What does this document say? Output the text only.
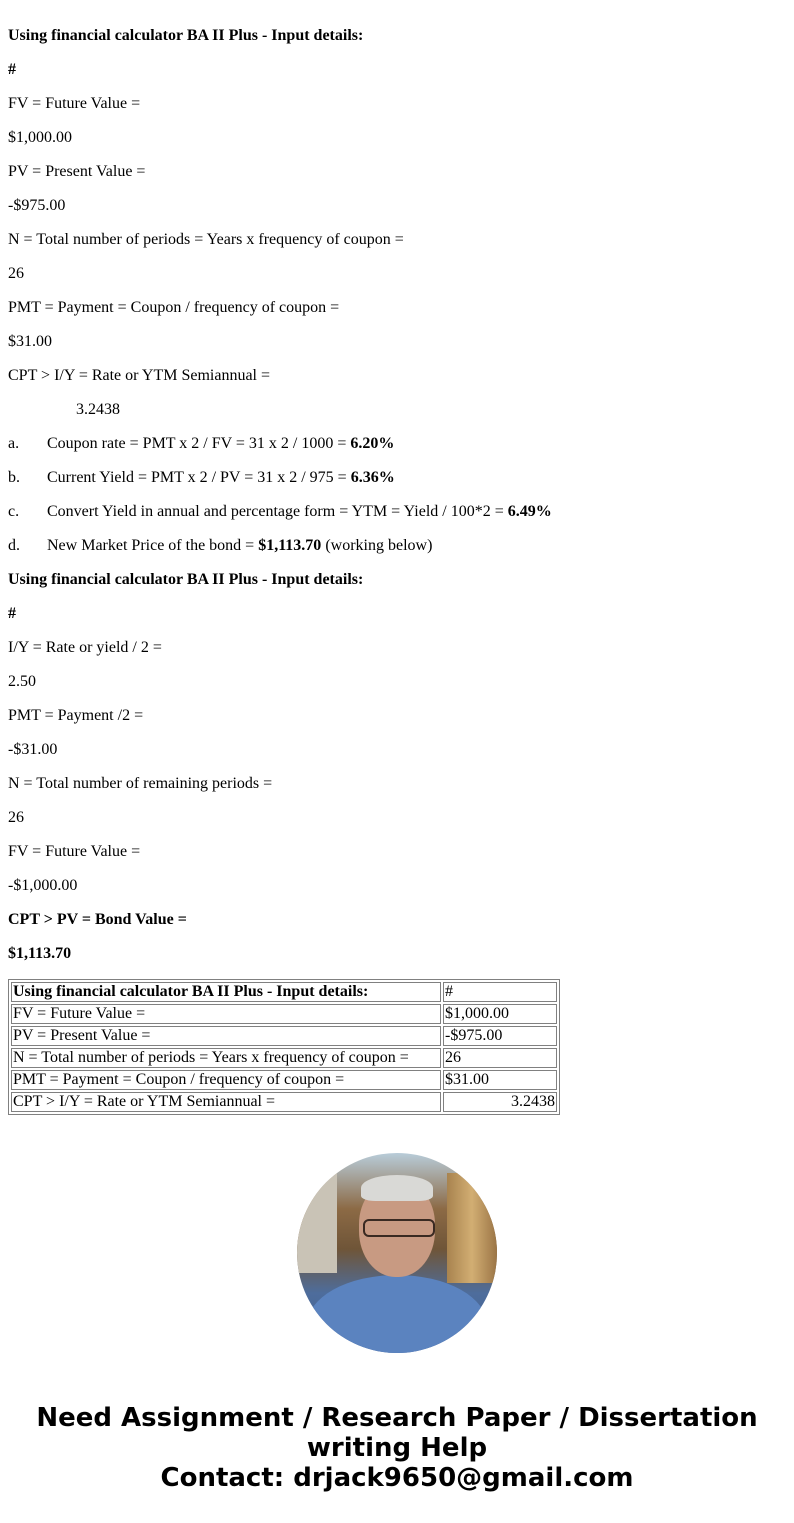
Using financial calculator BA II Plus - Input details:
#
FV = Future Value =
$1,000.00
PV = Present Value =
-$975.00
N = Total number of periods = Years x frequency of coupon =
26
PMT = Payment = Coupon / frequency of coupon =
$31.00
CPT > I/Y = Rate or YTM Semiannual =
3.2438
a. Coupon rate = PMT x 2 / FV = 31 x 2 / 1000 = 6.20%
b. Current Yield = PMT x 2 / PV = 31 x 2 / 975 = 6.36%
c. Convert Yield in annual and percentage form = YTM = Yield / 100*2 = 6.49%
d. New Market Price of the bond = $1,113.70 (working below)
Using financial calculator BA II Plus - Input details:
#
I/Y = Rate or yield / 2 =
2.50
PMT = Payment /2 =
-$31.00
N = Total number of remaining periods =
26
FV = Future Value =
-$1,000.00
CPT > PV = Bond Value =
$1,113.70
Using financial calculator BA II Plus - Input details:	#
FV = Future Value =	$1,000.00
PV = Present Value =	-$975.00
N = Total number of periods = Years x frequency of coupon =	26
PMT = Payment = Coupon / frequency of coupon =	$31.00
CPT > I/Y = Rate or YTM Semiannual =	3.2438
Need Assignment / Research Paper / Dissertation
writing Help
Contact: drjack9650@gmail.com
